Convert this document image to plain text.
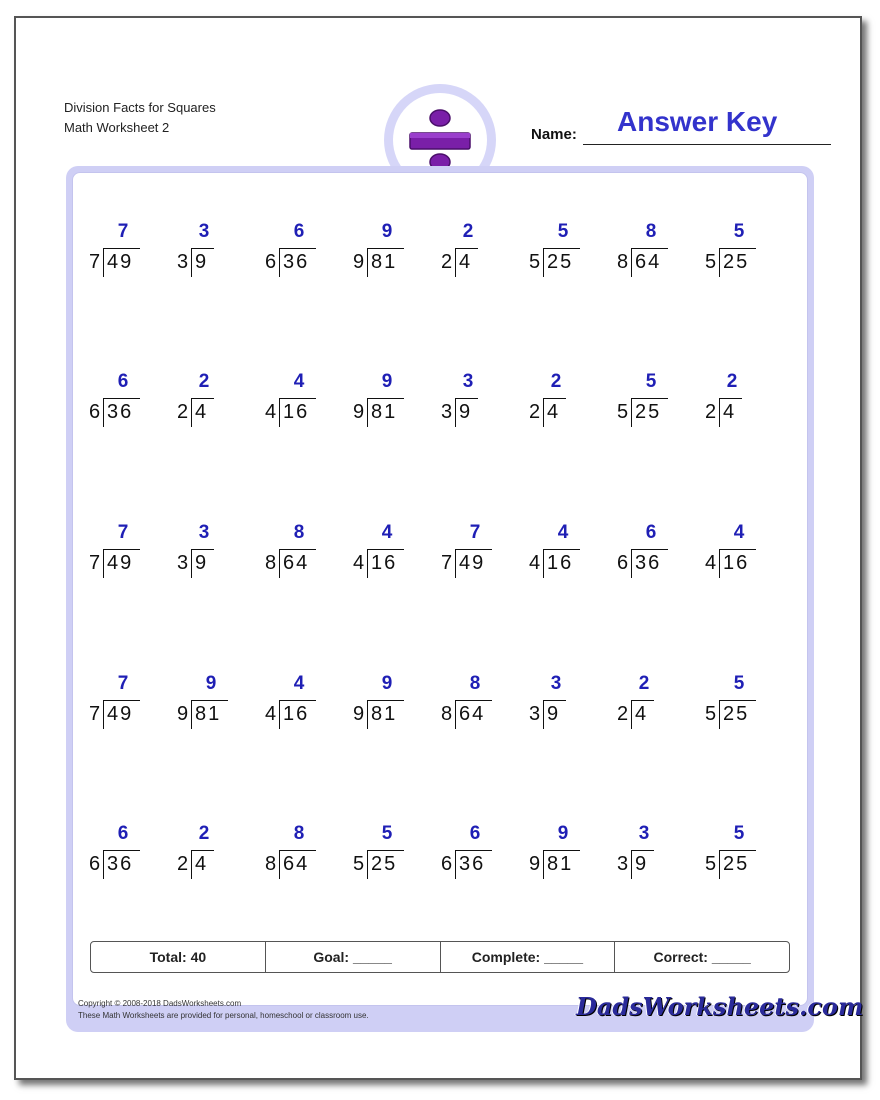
Division Facts for Squares
Math Worksheet 2	Name: Answer Key
7
7 49
3
3 9
6
6 36
9
9 81
2
2 4
5
5 25
8
8 64
5
5 25
6
6 36
2
2 4
4
4 16
9
9 81
3
3 9
2
2 4
5
5 25
2
2 4
7
7 49
3
3 9
8
8 64
4
4 16
7
7 49
4
4 16
6
6 36
4
4 16
7
7 49
9
9 81
4
4 16
9
9 81
8
8 64
3
3 9
2
2 4
5
5 25
6
6 36
2
2 4
8
8 64
5
5 25
6
6 36
9
9 81
3
3 9
5
5 25
Total: 40	Goal: _____	Complete: _____	Correct: _____
Copyright © 2008-2018 DadsWorksheets.com
These Math Worksheets are provided for personal, homeschool or classroom use.	DadsWorksheets.com
